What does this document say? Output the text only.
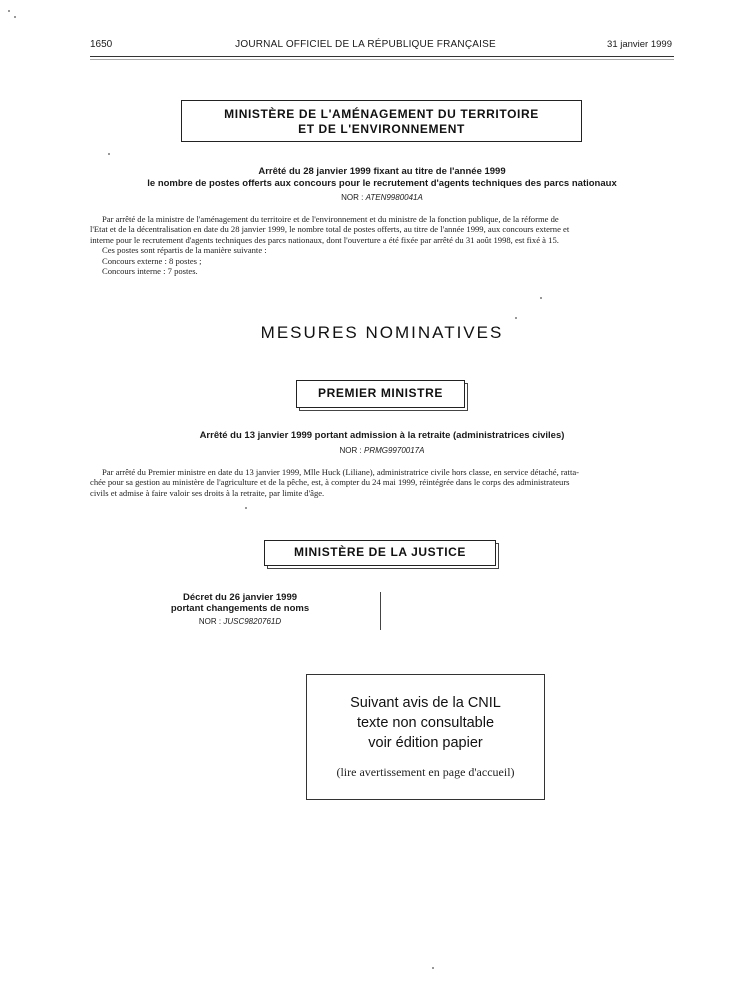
1650	JOURNAL OFFICIEL DE LA RÉPUBLIQUE FRANÇAISE	31 janvier 1999
MINISTÈRE DE L'AMÉNAGEMENT DU TERRITOIRE
ET DE L'ENVIRONNEMENT
Arrêté du 28 janvier 1999 fixant au titre de l'année 1999
le nombre de postes offerts aux concours pour le recrutement d'agents techniques des parcs nationaux
NOR : ATEN9980041A

Par arrêté de la ministre de l'aménagement du territoire et de l'environnement et du ministre de la fonction publique, de la réforme de

l'Etat et de la décentralisation en date du 28 janvier 1999, le nombre total de postes offerts, au titre de l'année 1999, aux concours externe et

interne pour le recrutement d'agents techniques des parcs nationaux, dont l'ouverture a été fixée par arrêté du 31 août 1998, est fixé à 15.

Ces postes sont répartis de la manière suivante :

Concours externe : 8 postes ;

Concours interne : 7 postes.

MESURES NOMINATIVES
PREMIER MINISTRE
Arrêté du 13 janvier 1999 portant admission à la retraite (administratrices civiles)
NOR : PRMG9970017A

Par arrêté du Premier ministre en date du 13 janvier 1999, Mlle Huck (Liliane), administratrice civile hors classe, en service détaché, ratta-

chée pour sa gestion au ministère de l'agriculture et de la pêche, est, à compter du 24 mai 1999, réintégrée dans le corps des administrateurs

civils et admise à faire valoir ses droits à la retraite, par limite d'âge.

MINISTÈRE DE LA JUSTICE
Décret du 26 janvier 1999
portant changements de noms
NOR : JUSC9820761D
Suivant avis de la CNIL
texte non consultable
voir édition papier
(lire avertissement en page d'accueil)
